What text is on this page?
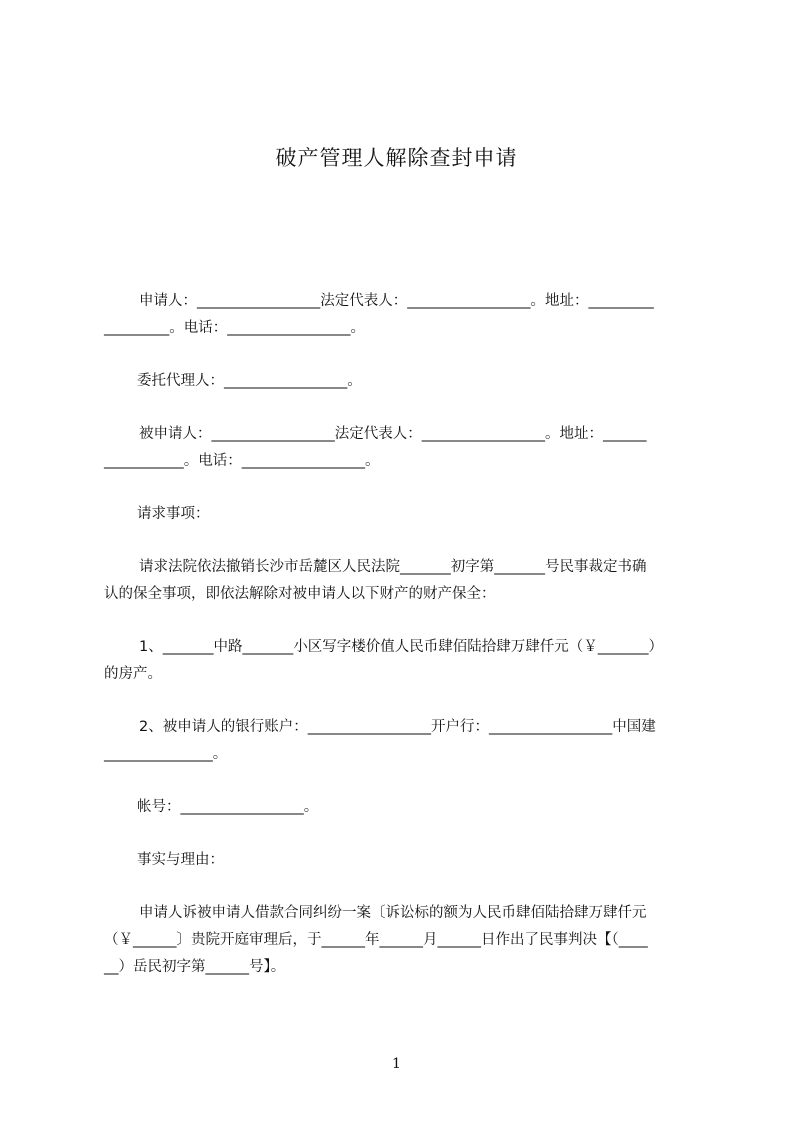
破产管理人解除查封申请
申请人：_________________法定代表人：_________________。地址：_________
_________。电话：_________________。
委托代理人：_________________。
被申请人：_________________法定代表人：_________________。地址：______
___________。电话：_________________。
请求事项：
请求法院依法撤销长沙市岳麓区人民法院_______初字第_______号民事裁定书确
认的保全事项，即依法解除对被申请人以下财产的财产保全：
1、_______中路_______小区写字楼价值人民币肆佰陆拾肆万肆仟元（￥_______）
的房产。
2、被申请人的银行账户：_________________开户行：_________________中国建
_______________。
帐号：_________________。
事实与理由：
申请人诉被申请人借款合同纠纷一案〔诉讼标的额为人民币肆佰陆拾肆万肆仟元
（￥______〕贵院开庭审理后，于______年______月______日作出了民事判决【（____
__）岳民初字第______号】。
1
